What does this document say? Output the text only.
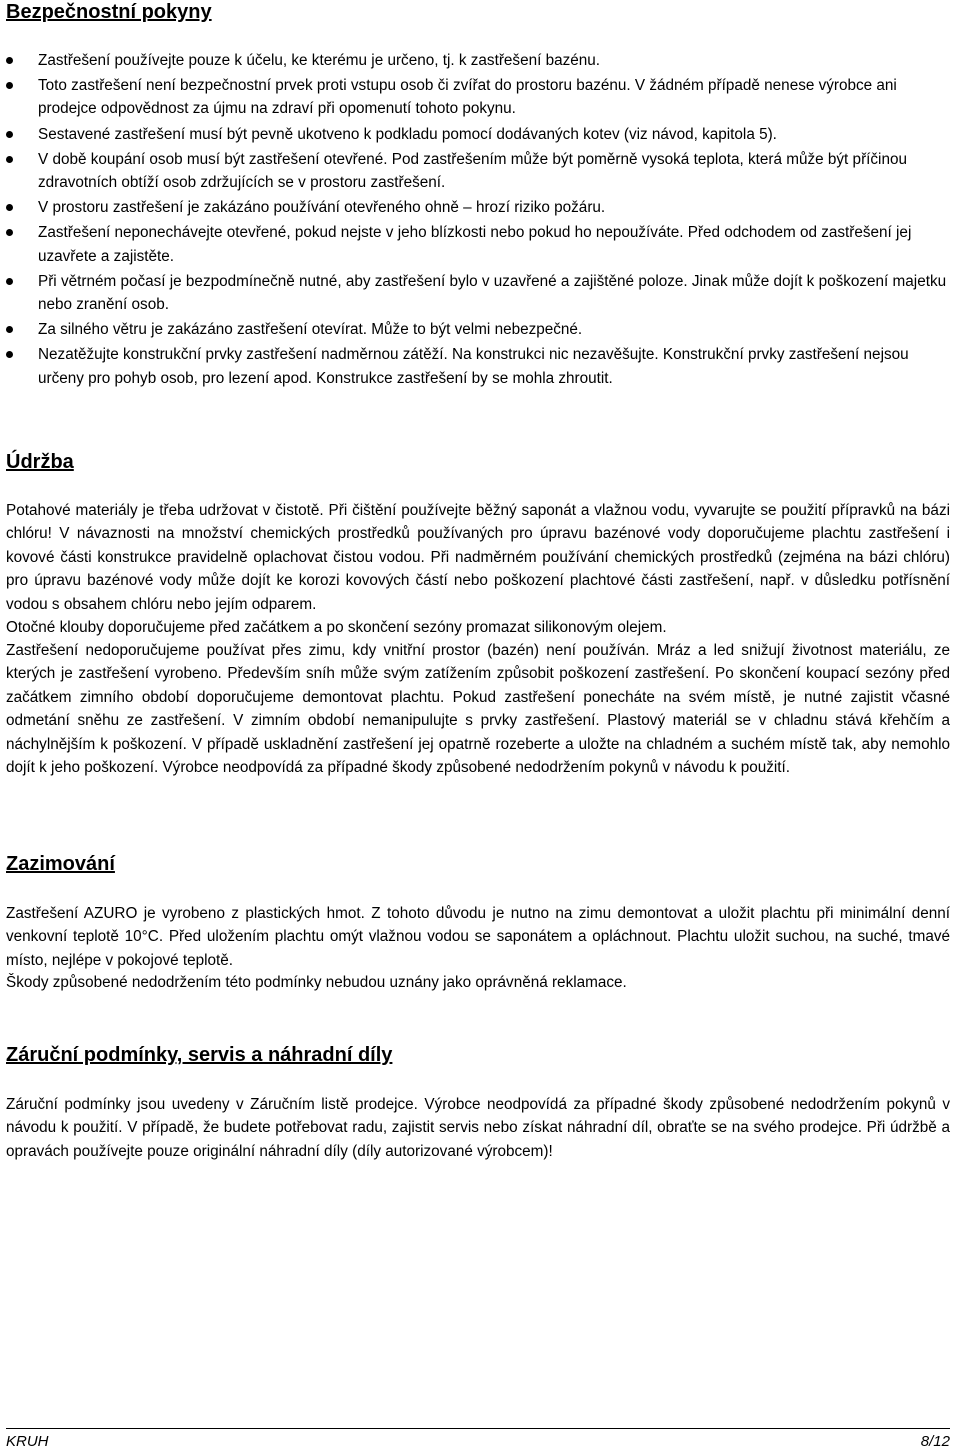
Bezpečnostní pokyny
Zastřešení používejte pouze k účelu, ke kterému je určeno, tj. k zastřešení bazénu.
Toto zastřešení není bezpečnostní prvek proti vstupu osob či zvířat do prostoru bazénu. V žádném případě nenese výrobce ani prodejce odpovědnost za újmu na zdraví při opomenutí tohoto pokynu.
Sestavené zastřešení musí být pevně ukotveno k podkladu pomocí dodávaných kotev (viz návod, kapitola 5).
V době koupání osob musí být zastřešení otevřené. Pod zastřešením může být poměrně vysoká teplota, která může být příčinou zdravotních obtíží osob zdržujících se v prostoru zastřešení.
V prostoru zastřešení je zakázáno používání otevřeného ohně – hrozí riziko požáru.
Zastřešení neponechávejte otevřené, pokud nejste v jeho blízkosti nebo pokud ho nepoužíváte. Před odchodem od zastřešení jej uzavřete a zajistěte.
Při větrném počasí je bezpodmínečně nutné, aby zastřešení bylo v uzavřené a zajištěné poloze. Jinak může dojít k poškození majetku nebo zranění osob.
Za silného větru je zakázáno zastřešení otevírat. Může to být velmi nebezpečné.
Nezatěžujte konstrukční prvky zastřešení nadměrnou zátěží. Na konstrukci nic nezavěšujte. Konstrukční prvky zastřešení nejsou určeny pro pohyb osob, pro lezení apod. Konstrukce zastřešení by se mohla zhroutit.
Údržba

Potahové materiály je třeba udržovat v čistotě. Při čištění používejte běžný saponát a vlažnou vodu, vyvarujte se použití přípravků na bázi chlóru! V návaznosti na množství chemických prostředků používaných pro úpravu bazénové vody doporučujeme plachtu zastřešení i kovové části konstrukce pravidelně oplachovat čistou vodou. Při nadměrném používání chemických prostředků (zejména na bázi chlóru) pro úpravu bazénové vody může dojít ke korozi kovových částí nebo poškození plachtové části zastřešení, např. v důsledku potřísnění vodou s obsahem chlóru nebo jejím odparem.

Otočné klouby doporučujeme před začátkem a po skončení sezóny promazat silikonovým olejem.

Zastřešení nedoporučujeme používat přes zimu, kdy vnitřní prostor (bazén) není používán. Mráz a led snižují životnost materiálu, ze kterých je zastřešení vyrobeno. Především sníh může svým zatížením způsobit poškození zastřešení. Po skončení koupací sezóny před začátkem zimního období doporučujeme demontovat plachtu. Pokud zastřešení ponecháte na svém místě, je nutné zajistit včasné odmetání sněhu ze zastřešení. V zimním období nemanipulujte s prvky zastřešení. Plastový materiál se v chladnu stává křehčím a náchylnějším k poškození. V případě uskladnění zastřešení jej opatrně rozeberte a uložte na chladném a suchém místě tak, aby nemohlo dojít k jeho poškození. Výrobce neodpovídá za případné škody způsobené nedodržením pokynů v návodu k použití.

Zazimování

Zastřešení AZURO je vyrobeno z plastických hmot. Z tohoto důvodu je nutno na zimu demontovat a uložit plachtu při minimální denní venkovní teplotě 10°C. Před uložením plachtu omýt vlažnou vodou se saponátem a opláchnout. Plachtu uložit suchou, na suché, tmavé místo, nejlépe v pokojové teplotě.

Škody způsobené nedodržením této podmínky nebudou uznány jako oprávněná reklamace.

Záruční podmínky, servis a náhradní díly

Záruční podmínky jsou uvedeny v Záručním listě prodejce. Výrobce neodpovídá za případné škody způsobené nedodržením pokynů v návodu k použití. V případě, že budete potřebovat radu, zajistit servis nebo získat náhradní díl, obraťte se na svého prodejce. Při údržbě a opravách používejte pouze originální náhradní díly (díly autorizované výrobcem)!

KRUH	8/12
